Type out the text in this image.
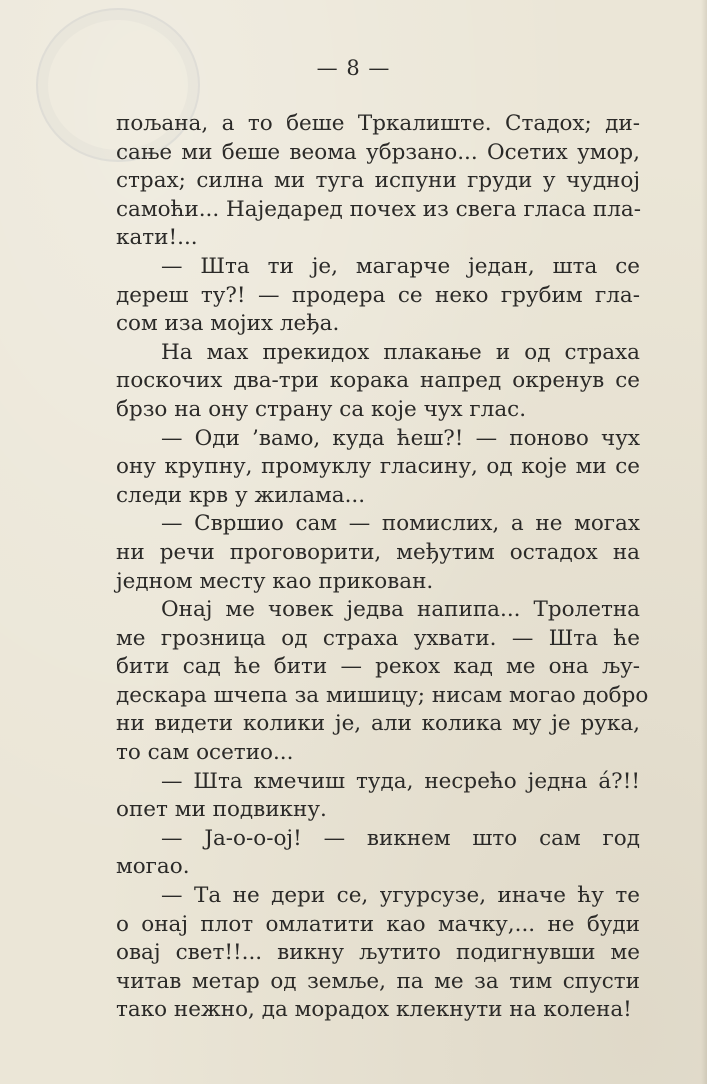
— 8 —
пољана, а то беше Тркалиште. Стадох; ди-
сање ми беше веома убрзано... Осетих умор,
страх; силна ми туга испуни груди у чудној
самоћи... Наједаред почех из свега гласа пла-
кати!...
— Шта ти је, магарче један, шта се
дереш ту?! — продера се неко грубим гла-
сом иза мојих леђа.
На мах прекидох плакање и од страха
поскочих два-три корака напред окренув се
брзо на ону страну са које чух глас.
— Оди ’вамо, куда ћеш?! — поново чух
ону крупну, промуклу гласину, од које ми се
следи крв у жилама...
— Свршио сам — помислих, а не могах
ни речи проговорити, међутим остадох на
једном месту као прикован.
Онај ме човек једва напипа... Тролетна
ме грозница од страха ухвати. — Шта ће
бити сад ће бити — рекох кад ме она љу-
дескара шчепа за мишицу; нисам могао добро
ни видети колики је, али колика му је рука,
то сам осетио...
— Шта кмечиш туда, несрећо једна а́?!!
опет ми подвикну.
— Ја-о-о-ој! — викнем што сам год
могао.
— Та не дери се, угурсузе, иначе ћу те
о онај плот омлатити као мачку,... не буди
овај свет!!... викну љутито подигнувши ме
читав метар од земље, па ме за тим спусти
тако нежно, да морадох клекнути на колена!
